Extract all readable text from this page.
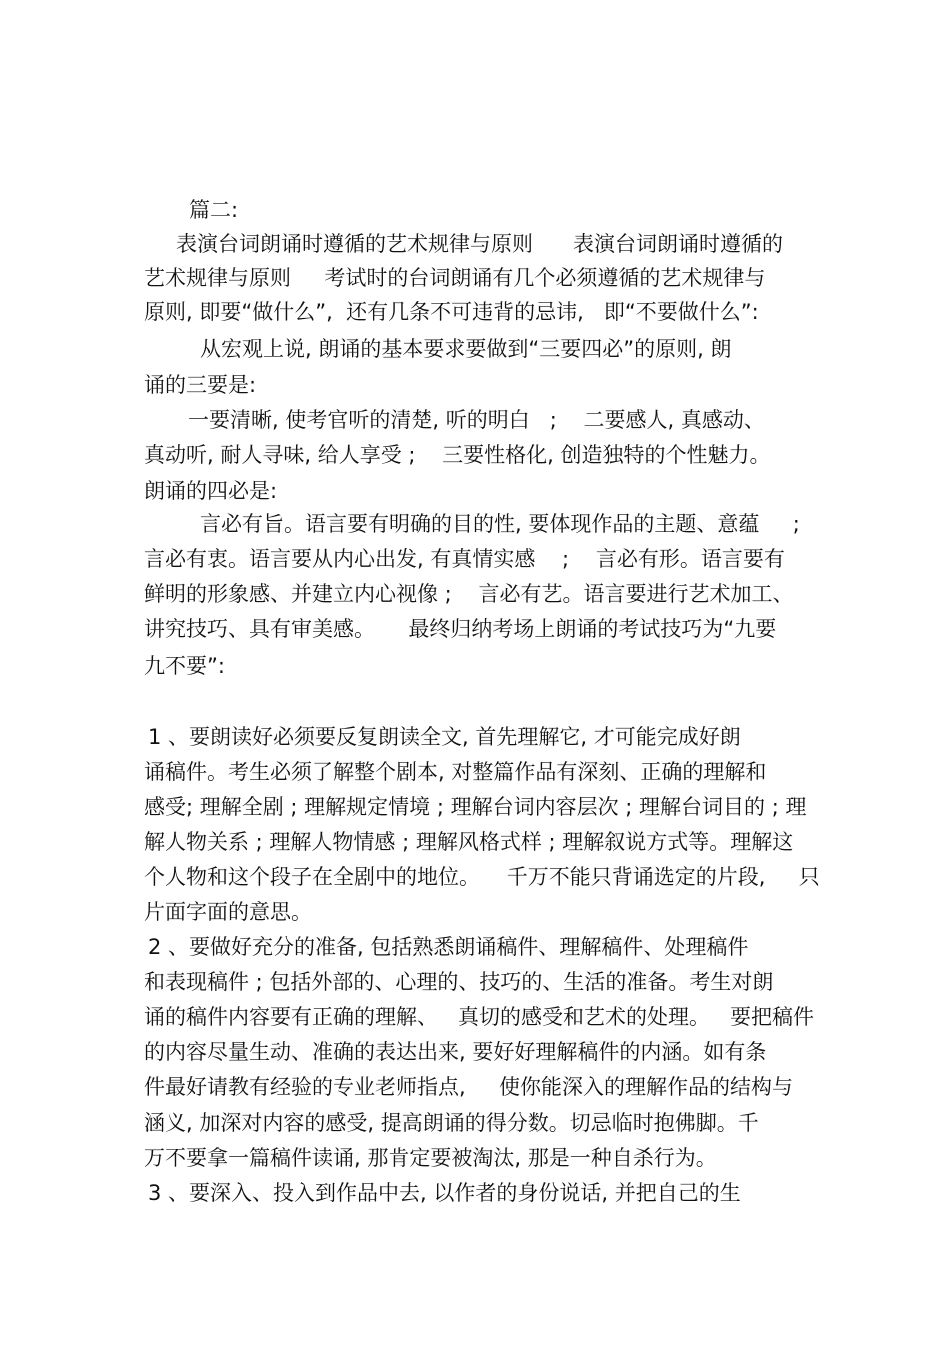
篇二:
表演台词朗诵时遵循的艺术规律与原则      表演台词朗诵时遵循的
艺术规律与原则     考试时的台词朗诵有几个必须遵循的艺术规律与
原则, 即要“做什么”,  还有几条不可违背的忌讳,   即“不要做什么”:
从宏观上说, 朗诵的基本要求要做到“三要四必”的原则, 朗
诵的三要是:
一要清晰, 使考官听的清楚, 听的明白   ;    二要感人, 真感动、
真动听, 耐人寻味, 给人享受 ;    三要性格化, 创造独特的个性魅力。
朗诵的四必是:
言必有旨。语言要有明确的目的性, 要体现作品的主题、意蕴     ;
言必有衷。语言要从内心出发, 有真情实感    ;    言必有形。语言要有
鲜明的形象感、并建立内心视像 ;    言必有艺。语言要进行艺术加工、
讲究技巧、具有审美感。     最终归纳考场上朗诵的考试技巧为“九要
九不要”:
1 、要朗读好必须要反复朗读全文, 首先理解它, 才可能完成好朗
诵稿件。考生必须了解整个剧本, 对整篇作品有深刻、正确的理解和
感受; 理解全剧 ; 理解规定情境 ; 理解台词内容层次 ; 理解台词目的 ; 理
解人物关系 ; 理解人物情感 ; 理解风格式样 ; 理解叙说方式等。理解这
个人物和这个段子在全剧中的地位。    千万不能只背诵选定的片段,     只
片面字面的意思。
2 、要做好充分的准备, 包括熟悉朗诵稿件、理解稿件、处理稿件
和表现稿件 ; 包括外部的、心理的、技巧的、生活的准备。考生对朗
诵的稿件内容要有正确的理解、   真切的感受和艺术的处理。   要把稿件
的内容尽量生动、准确的表达出来, 要好好理解稿件的内涵。如有条
件最好请教有经验的专业老师指点,     使你能深入的理解作品的结构与
涵义, 加深对内容的感受, 提高朗诵的得分数。切忌临时抱佛脚。千
万不要拿一篇稿件读诵, 那肯定要被淘汰, 那是一种自杀行为。
3 、要深入、投入到作品中去, 以作者的身份说话, 并把自己的生
